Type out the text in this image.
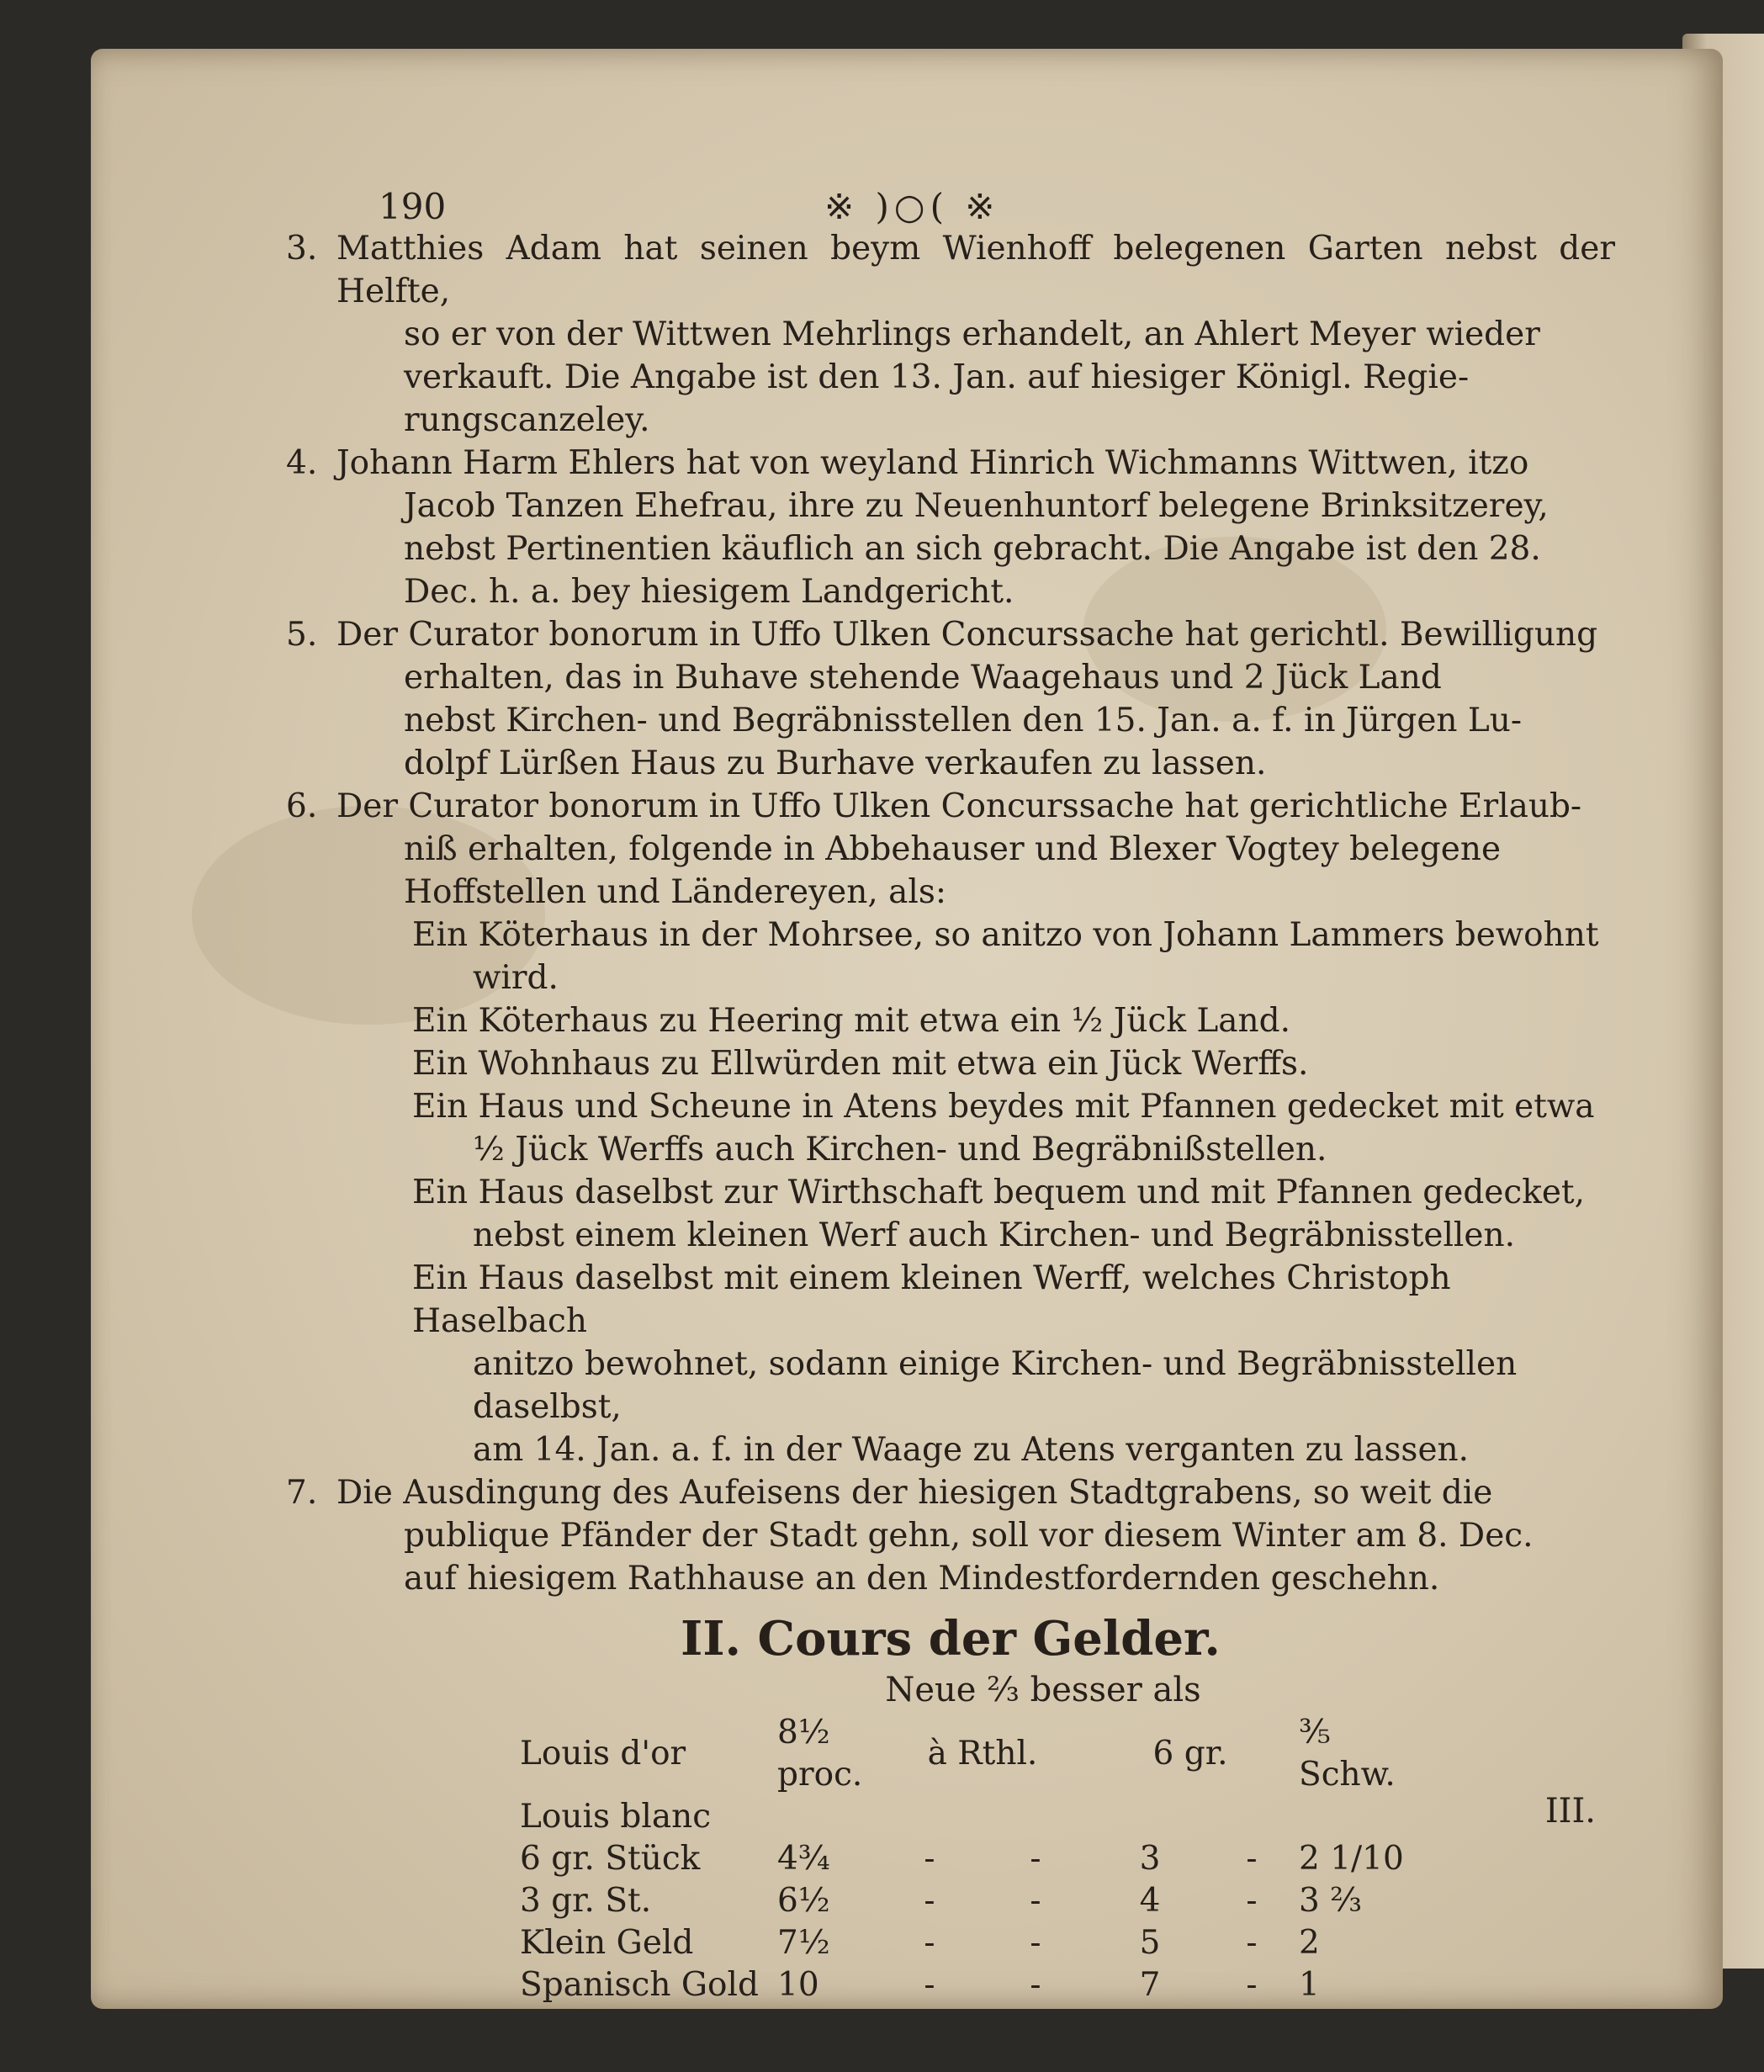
190	※ )○( ※
3. Matthies Adam hat seinen beym Wienhoff belegenen Garten nebst der Helfte,
so er von der Wittwen Mehrlings erhandelt, an Ahlert Meyer wieder
verkauft. Die Angabe ist den 13. Jan. auf hiesiger Königl. Regie-
rungscanzeley.
4. Johann Harm Ehlers hat von weyland Hinrich Wichmanns Wittwen, itzo
Jacob Tanzen Ehefrau, ihre zu Neuenhuntorf belegene Brinksitzerey,
nebst Pertinentien käuflich an sich gebracht. Die Angabe ist den 28.
Dec. h. a. bey hiesigem Landgericht.
5. Der Curator bonorum in Uffo Ulken Concurssache hat gerichtl. Bewilligung
erhalten, das in Buhave stehende Waagehaus und 2 Jück Land
nebst Kirchen- und Begräbnisstellen den 15. Jan. a. f. in Jürgen Lu-
dolpf Lürßen Haus zu Burhave verkaufen zu lassen.
6. Der Curator bonorum in Uffo Ulken Concurssache hat gerichtliche Erlaub-
niß erhalten, folgende in Abbehauser und Blexer Vogtey belegene
Hoffstellen und Ländereyen, als:
Ein Köterhaus in der Mohrsee, so anitzo von Johann Lammers bewohnt
wird.
Ein Köterhaus zu Heering mit etwa ein ½ Jück Land.
Ein Wohnhaus zu Ellwürden mit etwa ein Jück Werffs.
Ein Haus und Scheune in Atens beydes mit Pfannen gedecket mit etwa
½ Jück Werffs auch Kirchen- und Begräbnißstellen.
Ein Haus daselbst zur Wirthschaft bequem und mit Pfannen gedecket,
nebst einem kleinen Werf auch Kirchen- und Begräbnisstellen.
Ein Haus daselbst mit einem kleinen Werff, welches Christoph Haselbach
anitzo bewohnet, sodann einige Kirchen- und Begräbnisstellen daselbst,
am 14. Jan. a. f. in der Waage zu Atens verganten zu lassen.
7. Die Ausdingung des Aufeisens der hiesigen Stadtgrabens, so weit die
publique Pfänder der Stadt gehn, soll vor diesem Winter am 8. Dec.
auf hiesigem Rathhause an den Mindestfordernden geschehn.
II. Cours der Gelder.
Neue ⅔ besser als
Louis d'or	8½ proc.	à Rthl.		6 gr.		⅗ Schw.
Louis blanc						
6 gr. Stück	4¾	-	-	3	-	2 1/10
3 gr. St.	6½	-	-	4	-	3 ⅔
Klein Geld	7½	-	-	5	-	2
Spanisch Gold	10	-	-	7	-	1
III.
